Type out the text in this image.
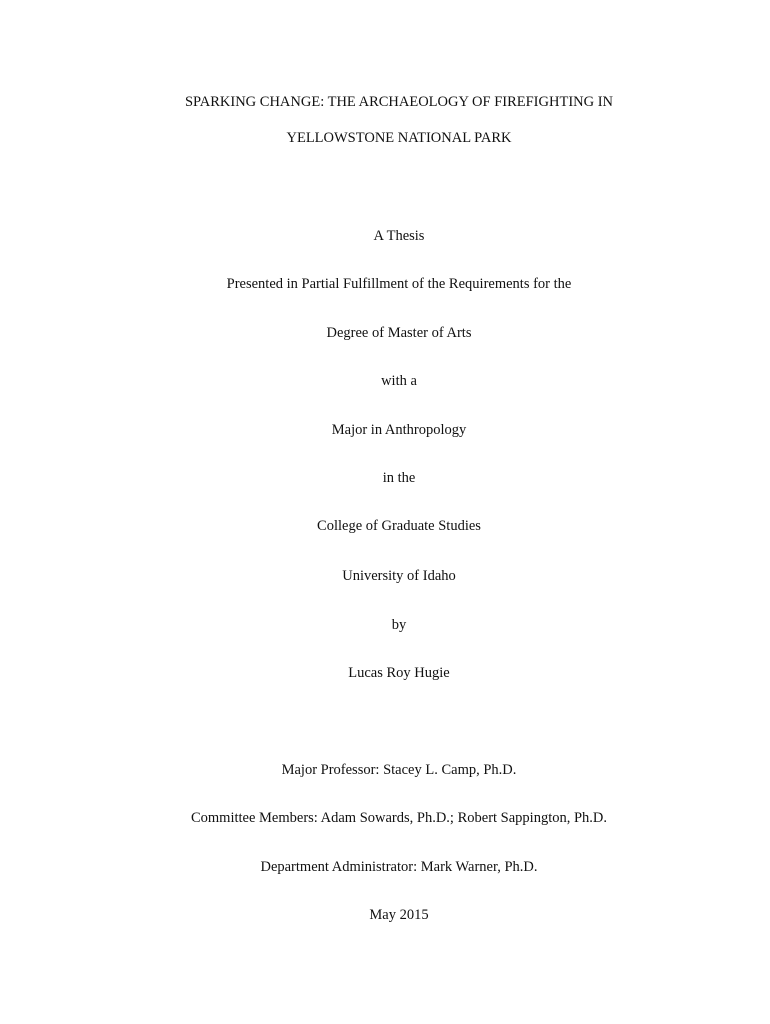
SPARKING CHANGE: THE ARCHAEOLOGY OF FIREFIGHTING IN
YELLOWSTONE NATIONAL PARK
A Thesis
Presented in Partial Fulfillment of the Requirements for the
Degree of Master of Arts
with a
Major in Anthropology
in the
College of Graduate Studies
University of Idaho
by
Lucas Roy Hugie
Major Professor: Stacey L. Camp, Ph.D.
Committee Members: Adam Sowards, Ph.D.; Robert Sappington, Ph.D.
Department Administrator: Mark Warner, Ph.D.
May 2015
